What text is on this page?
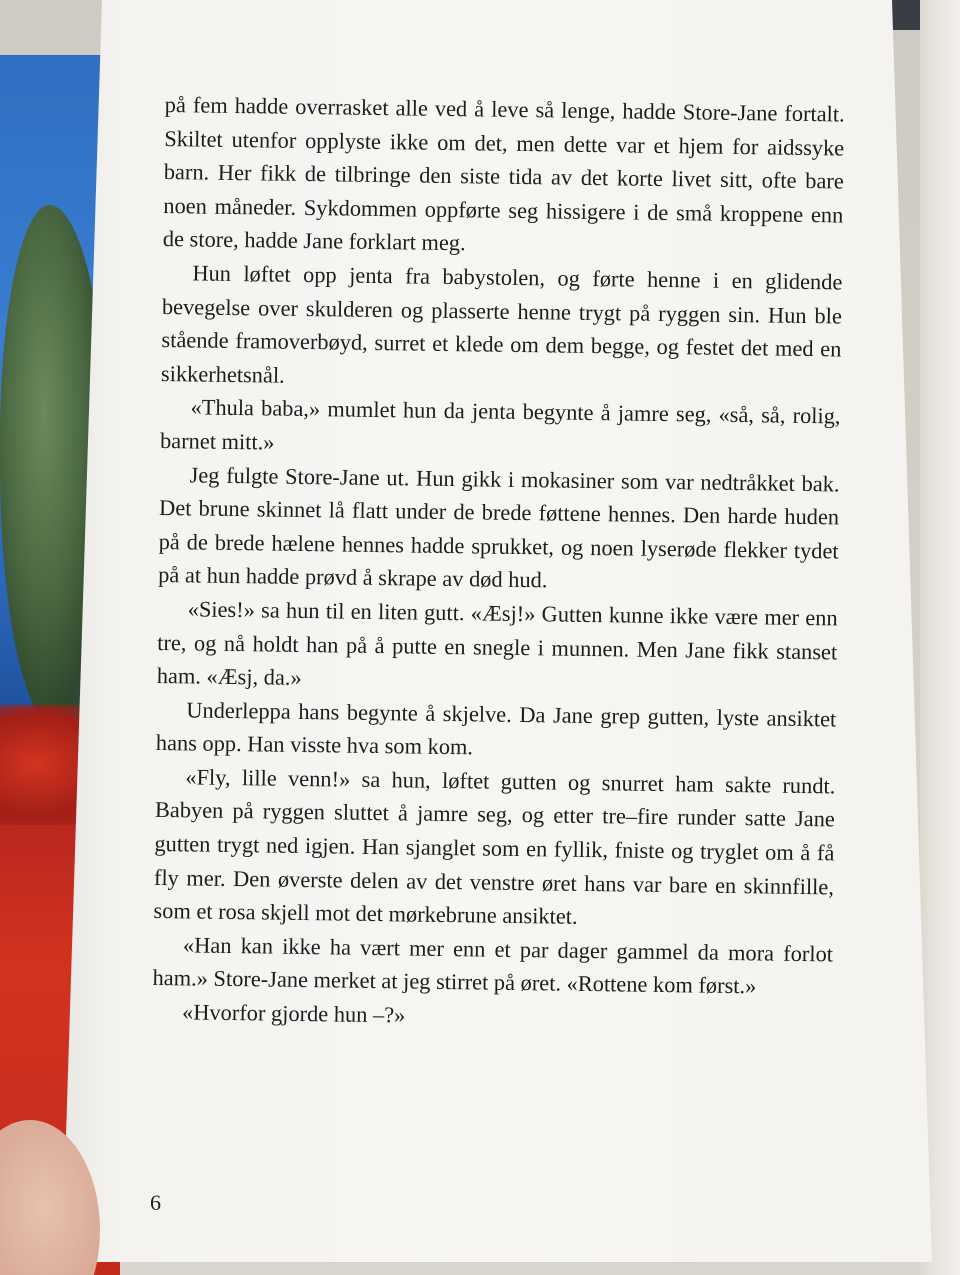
på fem hadde overrasket alle ved å leve så lenge, hadde Store-Jane fortalt. Skiltet utenfor opplyste ikke om det, men dette var et hjem for aidssyke barn. Her fikk de tilbringe den siste tida av det korte livet sitt, ofte bare noen måneder. Sykdommen oppførte seg hissigere i de små kroppene enn de store, hadde Jane forklart meg.

Hun løftet opp jenta fra babystolen, og førte henne i en glidende bevegelse over skulderen og plasserte henne trygt på ryggen sin. Hun ble stående framoverbøyd, surret et klede om dem begge, og festet det med en sikkerhetsnål.

«Thula baba,» mumlet hun da jenta begynte å jamre seg, «så, så, rolig, barnet mitt.»

Jeg fulgte Store-Jane ut. Hun gikk i mokasiner som var nedtråkket bak. Det brune skinnet lå flatt under de brede føttene hennes. Den harde huden på de brede hælene hennes hadde sprukket, og noen lyserøde flekker tydet på at hun hadde prøvd å skrape av død hud.

«Sies!» sa hun til en liten gutt. «Æsj!» Gutten kunne ikke være mer enn tre, og nå holdt han på å putte en snegle i munnen. Men Jane fikk stanset ham. «Æsj, da.»

Underleppa hans begynte å skjelve. Da Jane grep gutten, lyste ansiktet hans opp. Han visste hva som kom.

«Fly, lille venn!» sa hun, løftet gutten og snurret ham sakte rundt. Babyen på ryggen sluttet å jamre seg, og etter tre–fire runder satte Jane gutten trygt ned igjen. Han sjanglet som en fyllik, fniste og tryglet om å få fly mer. Den øverste delen av det venstre øret hans var bare en skinnfille, som et rosa skjell mot det mørkebrune ansiktet.

«Han kan ikke ha vært mer enn et par dager gammel da mora forlot ham.» Store-Jane merket at jeg stirret på øret. «Rottene kom først.»

«Hvorfor gjorde hun –?»

6
